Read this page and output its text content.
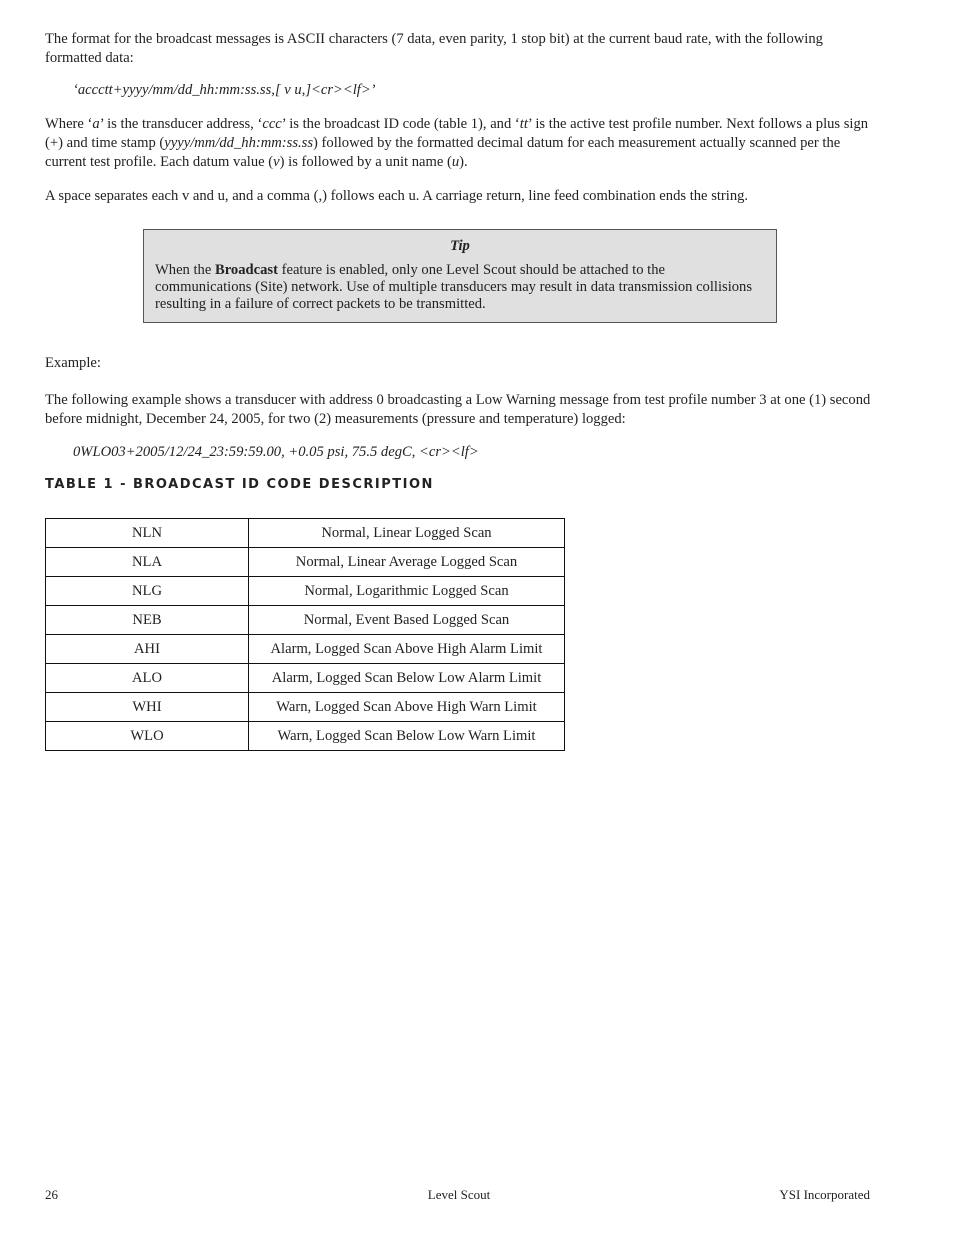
The format for the broadcast messages is ASCII characters (7 data, even parity, 1 stop bit) at the current baud rate, with the following formatted data:

‘accctt+yyyy/mm/dd_hh:mm:ss.ss,[ v u,]<cr><lf>’

Where ‘a’ is the transducer address, ‘ccc’ is the broadcast ID code (table 1), and ‘tt’ is the active test profile number. Next follows a plus sign (+) and time stamp (yyyy/mm/dd_hh:mm:ss.ss) followed by the formatted decimal datum for each measurement actually scanned per the current test profile. Each datum value (v) is followed by a unit name (u).

A space separates each v and u, and a comma (,) follows each u. A carriage return, line feed combination ends the string.

Tip
When the Broadcast feature is enabled, only one Level Scout should be attached to the communications (Site) network. Use of multiple transducers may result in data transmission collisions resulting in a failure of correct packets to be transmitted.

Example:

The following example shows a transducer with address 0 broadcasting a Low Warning message from test profile number 3 at one (1) second before midnight, December 24, 2005, for two (2) measurements (pressure and temperature) logged:

0WLO03+2005/12/24_23:59:59.00, +0.05 psi, 75.5 degC, <cr><lf>

TABLE 1 - BROADCAST ID CODE DESCRIPTION
NLN	Normal, Linear Logged Scan
NLA	Normal, Linear Average Logged Scan
NLG	Normal, Logarithmic Logged Scan
NEB	Normal, Event Based Logged Scan
AHI	Alarm, Logged Scan Above High Alarm Limit
ALO	Alarm, Logged Scan Below Low Alarm Limit
WHI	Warn, Logged Scan Above High Warn Limit
WLO	Warn, Logged Scan Below Low Warn Limit
Level Scout
26	YSI Incorporated
